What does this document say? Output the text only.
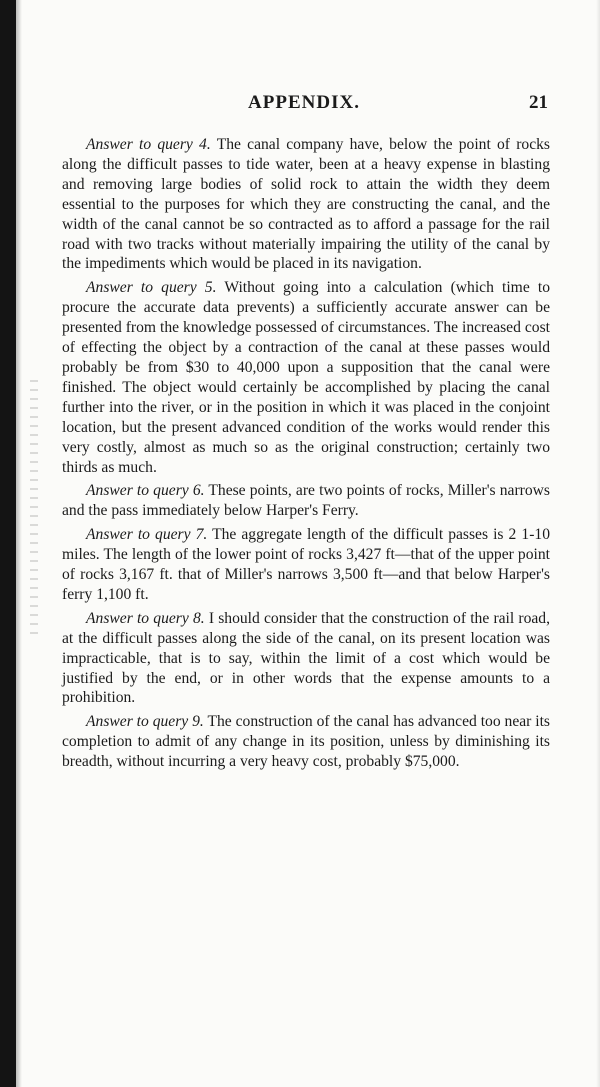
APPENDIX.	21

Answer to query 4. The canal company have, below the point of rocks along the difficult passes to tide water, been at a heavy expense in blasting and removing large bodies of solid rock to attain the width they deem essential to the purposes for which they are constructing the canal, and the width of the canal cannot be so contracted as to afford a passage for the rail road with two tracks without materially impairing the utility of the canal by the impediments which would be placed in its navigation.

Answer to query 5. Without going into a calculation (which time to procure the accurate data prevents) a sufficiently accurate answer can be presented from the knowledge possessed of circumstances. The increased cost of effecting the object by a contraction of the canal at these passes would probably be from $30 to 40,000 upon a supposition that the canal were finished. The object would certainly be accomplished by placing the canal further into the river, or in the position in which it was placed in the conjoint location, but the present advanced condition of the works would render this very costly, almost as much so as the original construction; certainly two thirds as much.

Answer to query 6. These points, are two points of rocks, Miller's narrows and the pass immediately below Harper's Ferry.

Answer to query 7. The aggregate length of the difficult passes is 2 1-10 miles. The length of the lower point of rocks 3,427 ft—that of the upper point of rocks 3,167 ft. that of Miller's narrows 3,500 ft—and that below Harper's ferry 1,100 ft.

Answer to query 8. I should consider that the construction of the rail road, at the difficult passes along the side of the canal, on its present location was impracticable, that is to say, within the limit of a cost which would be justified by the end, or in other words that the expense amounts to a prohibition.

Answer to query 9. The construction of the canal has advanced too near its completion to admit of any change in its position, unless by diminishing its breadth, without incurring a very heavy cost, probably $75,000.
